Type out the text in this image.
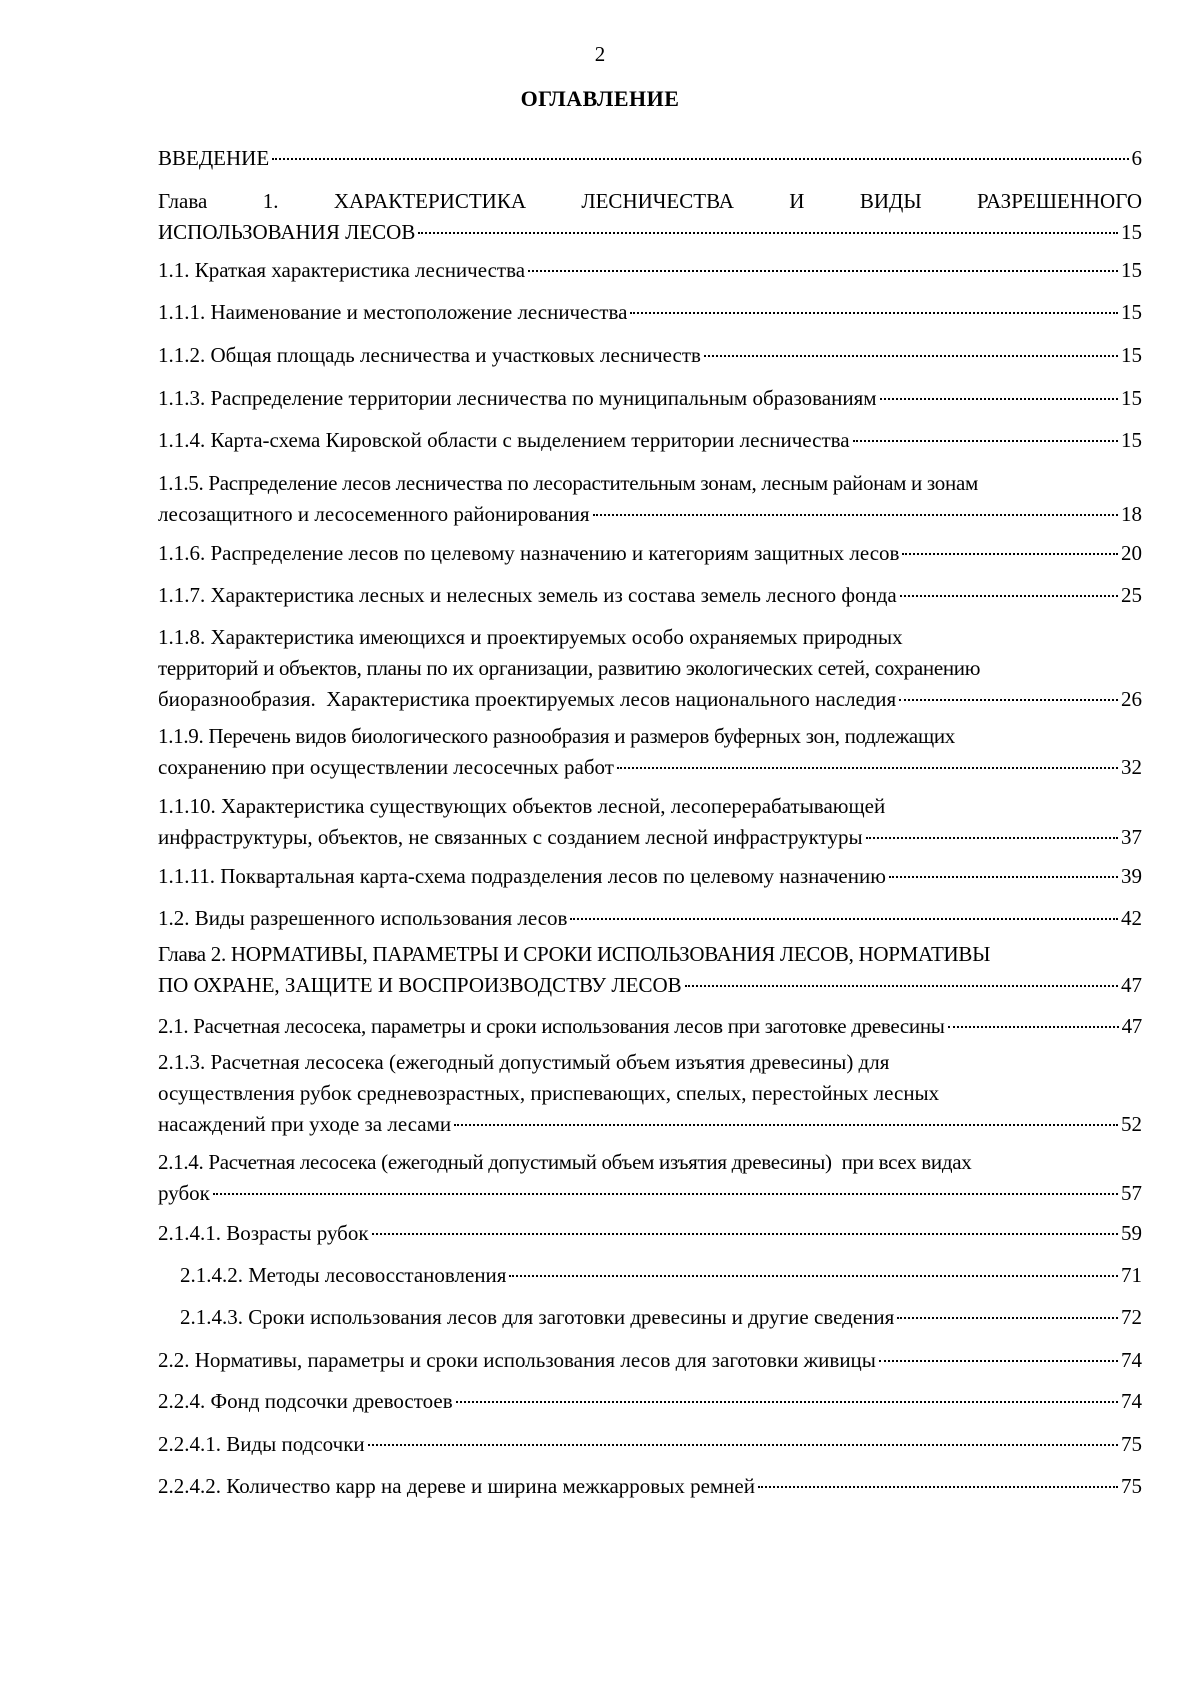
2
ОГЛАВЛЕНИЕ
ВВЕДЕНИЕ	6
Глава 1. ХАРАКТЕРИСТИКА ЛЕСНИЧЕСТВА И ВИДЫ РАЗРЕШЕННОГО
ИСПОЛЬЗОВАНИЯ ЛЕСОВ	15
1.1. Краткая характеристика лесничества	15
1.1.1. Наименование и местоположение лесничества	15
1.1.2. Общая площадь лесничества и участковых лесничеств	15
1.1.3. Распределение территории лесничества по муниципальным образованиям	15
1.1.4. Карта-схема Кировской области с выделением территории лесничества	15
1.1.5. Распределение лесов лесничества по лесорастительным зонам, лесным районам и зонам
лесозащитного и лесосеменного районирования	18
1.1.6. Распределение лесов по целевому назначению и категориям защитных лесов	20
1.1.7. Характеристика лесных и нелесных земель из состава земель лесного фонда	25
1.1.8. Характеристика имеющихся и проектируемых особо охраняемых природных
территорий и объектов, планы по их организации, развитию экологических сетей, сохранению
биоразнообразия.  Характеристика проектируемых лесов национального наследия	26
1.1.9. Перечень видов биологического разнообразия и размеров буферных зон, подлежащих
сохранению при осуществлении лесосечных работ	32
1.1.10. Характеристика существующих объектов лесной, лесоперерабатывающей
инфраструктуры, объектов, не связанных с созданием лесной инфраструктуры	37
1.1.11. Поквартальная карта-схема подразделения лесов по целевому назначению	39
1.2. Виды разрешенного использования лесов	42
Глава 2. НОРМАТИВЫ, ПАРАМЕТРЫ И СРОКИ ИСПОЛЬЗОВАНИЯ ЛЕСОВ, НОРМАТИВЫ
ПО ОХРАНЕ, ЗАЩИТЕ И ВОСПРОИЗВОДСТВУ ЛЕСОВ	47
2.1. Расчетная лесосека, параметры и сроки использования лесов при заготовке древесины	47
2.1.3. Расчетная лесосека (ежегодный допустимый объем изъятия древесины) для
осуществления рубок средневозрастных, приспевающих, спелых, перестойных лесных
насаждений при уходе за лесами	52
2.1.4. Расчетная лесосека (ежегодный допустимый объем изъятия древесины)  при всех видах
рубок	57
2.1.4.1. Возрасты рубок	59
2.1.4.2. Методы лесовосстановления	71
2.1.4.3. Сроки использования лесов для заготовки древесины и другие сведения	72
2.2. Нормативы, параметры и сроки использования лесов для заготовки живицы	74
2.2.4. Фонд подсочки древостоев	74
2.2.4.1. Виды подсочки	75
2.2.4.2. Количество карр на дереве и ширина межкарровых ремней	75
